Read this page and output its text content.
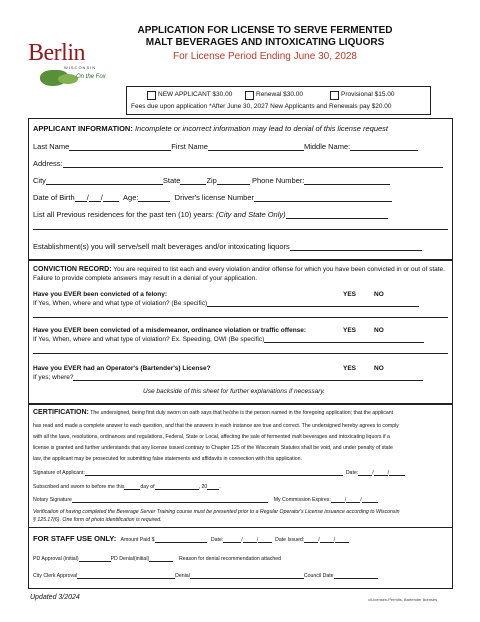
Berlin
WISCONSIN
On the Fox
APPLICATION FOR LICENSE TO SERVE FERMENTED
MALT BEVERAGES AND INTOXICATING LIQUORS
For License Period Ending June 30, 2028
NEW APPLICANT $30.00	Renewal $30.00	Provisional $15.00
Fees due upon application *After June 30, 2027 New Applicants and Renewals pay $20.00
APPLICANT INFORMATION: Incomplete or incorrect information may lead to denial of this license request
Last Name	First Name	Middle Name:
Address:
City	State	Zip	Phone Number:
Date of Birth / /	Age:	Driver's license Number
List all Previous residences for the past ten (10) years: (City and State Only)
Establishment(s) you will serve/sell malt beverages and/or intoxicating liquors
CONVICTION RECORD: You are required to list each and every violation and/or offense for which you have been convicted in or out of state. Failure to provide complete answers may result in a denial of your application.
Have you EVER been convicted of a felony:	YES	NO
If Yes, When, where and what type of violation? (Be specific)
Have you EVER been convicted of a misdemeanor, ordinance violation or traffic offense:	YES	NO
If Yes, When, where and what type of violation? Ex. Speeding, OWI (Be specific)
Have you EVER had an Operator's (Bartender's) License?	YES	NO
If yes; where?
Use backside of this sheet for further explanations if necessary.
CERTIFICATION: The undersigned, being first duly sworn on oath says that he/she is the person named in the foregoing application; that the applicant
has read and made a complete answer to each question, and that the answers in each instance are true and correct. The undersigned hereby agrees to comply
with all the laws, resolutions, ordinances and regulations, Federal, State or Local, affecting the sale of fermented malt beverages and intoxicating liquors if a
license is granted and further understands that any license issued contrary to Chapter 125 of the Wisconsin Statutes shall be void, and under penalty of state
law, the applicant may be prosecuted for submitting false statements and affidavits in connection with this application.
Signature of Applicant:	Date:	/	/
Subscribed and sworn to before me this	day of	, 20 .
Notary Signature	My Commission Expires:	/	/
Verification of having completed the Beverage Server Training course must be presented prior to a Regular Operator's License issuance according to Wisconsin
§ 125.17(6). One form of photo identification is required.
FOR STAFF USE ONLY: Amount Paid $	Date:	/	/	Date Issued:	/	/
PD Approval (initial)	PD Denial(initial)	Reason for denial recommendation attached
City Clerk Approval	Denial	Council Date
Updated 3/2024	c/Licenses-Permits, Bartender licenses
